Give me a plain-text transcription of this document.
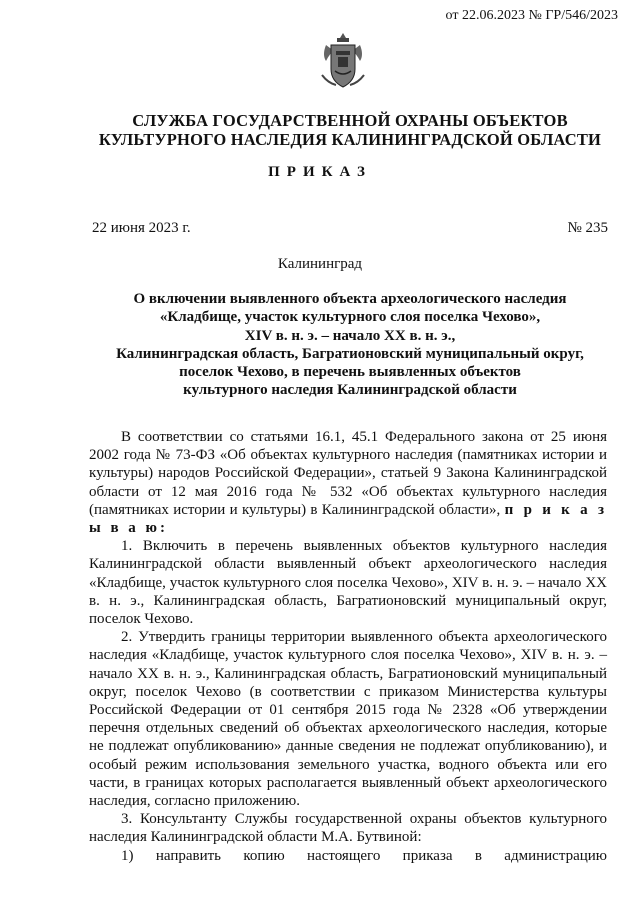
от 22.06.2023 № ГР/546/2023
СЛУЖБА ГОСУДАРСТВЕННОЙ ОХРАНЫ ОБЪЕКТОВ
КУЛЬТУРНОГО НАСЛЕДИЯ КАЛИНИНГРАДСКОЙ ОБЛАСТИ
ПРИКАЗ
22 июня 2023 г.	№ 235
Калининград
О включении выявленного объекта археологического наследия
«Кладбище, участок культурного слоя поселка Чехово»,
XIV в. н. э. – начало XX в. н. э.,
Калининградская область, Багратионовский муниципальный округ,
поселок Чехово, в перечень выявленных объектов
культурного наследия Калининградской области

В соответствии со статьями 16.1, 45.1 Федерального закона от 25 июня 2002 года № 73-ФЗ «Об объектах культурного наследия (памятниках истории и культуры) народов Российской Федерации», статьей 9 Закона Калининградской области от 12 мая 2016 года № 532 «Об объектах культурного наследия (памятниках истории и культуры) в Калининградской области», п р и к а з ы в а ю:

1. Включить в перечень выявленных объектов культурного наследия Калининградской области выявленный объект археологического наследия «Кладбище, участок культурного слоя поселка Чехово», XIV в. н. э. – начало XX в. н. э., Калининградская область, Багратионовский муниципальный округ, поселок Чехово.

2. Утвердить границы территории выявленного объекта археологического наследия «Кладбище, участок культурного слоя поселка Чехово», XIV в. н. э. – начало XX в. н. э., Калининградская область, Багратионовский муниципальный округ, поселок Чехово (в соответствии с приказом Министерства культуры Российской Федерации от 01 сентября 2015 года № 2328 «Об утверждении перечня отдельных сведений об объектах археологического наследия, которые не подлежат опубликованию» данные сведения не подлежат опубликованию), и особый режим использования земельного участка, водного объекта или его части, в границах которых располагается выявленный объект археологического наследия, согласно приложению.

3. Консультанту Службы государственной охраны объектов культурного наследия Калининградской области М.А. Бутвиной:

1) направить копию настоящего приказа в администрацию
